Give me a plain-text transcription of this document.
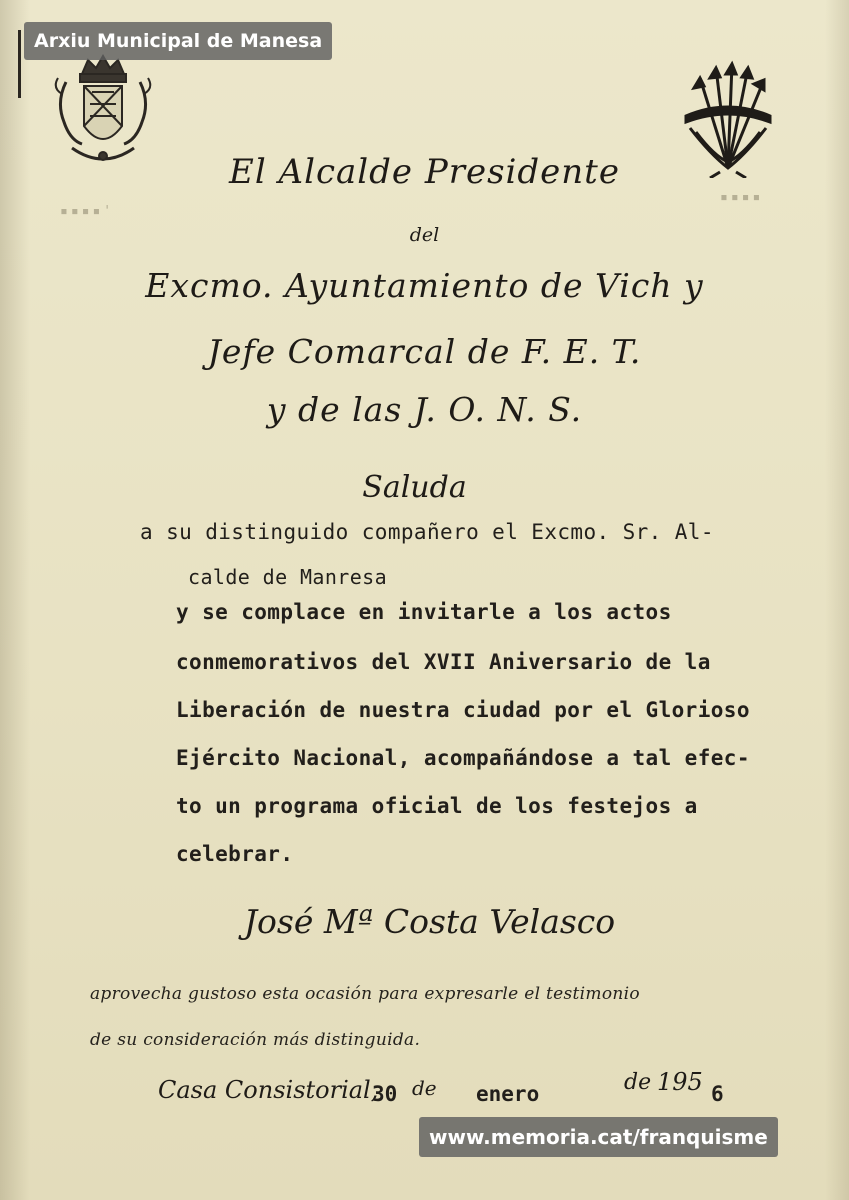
▪▪▪▪'
▪▪▪▪
Arxiu Municipal de Manesa
El Alcalde Presidente
del
Excmo. Ayuntamiento de Vich y
Jefe Comarcal de F. E. T.
y de las J. O. N. S.
Saluda
a su distinguido compañero el Excmo. Sr. Al-
calde de Manresa
y se complace en invitarle a los actos
conmemorativos del XVII Aniversario de la
Liberación de nuestra ciudad por el Glorioso
Ejército Nacional, acompañándose a tal efec-
to un programa oficial de los festejos a
celebrar.
José Mª Costa Velasco
aprovecha gustoso esta ocasión para expresarle el testimonio
de su consideración más distinguida.
Casa Consistorial,
30 de enero	de 195 6
www.memoria.cat/franquisme
